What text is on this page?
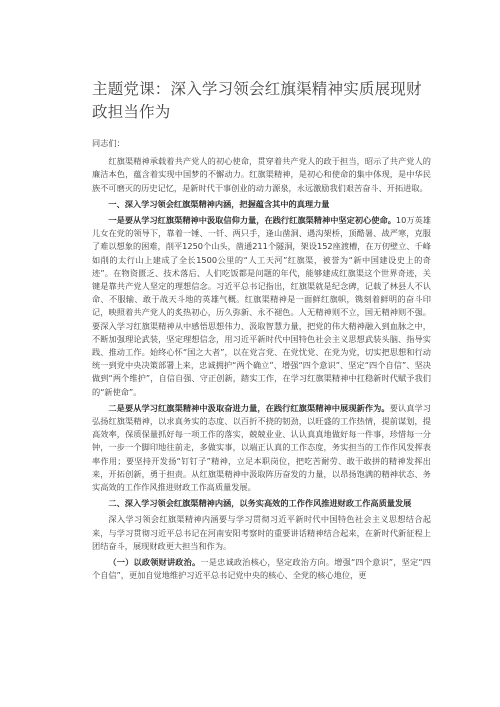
主题党课：深入学习领会红旗渠精神实质展现财政担当作为

同志们：

红旗渠精神承载着共产党人的初心使命，贯穿着共产党人的政于担当，昭示了共产党人的廉洁本色，蕴含着实现中国梦的不懈动力。红旗渠精神，是初心和使命的集中体现，是中华民族不可磨灭的历史记忆，是新时代干事创业的动力源泉，永远激励我们艰苦奋斗、开拓进取。

一、深入学习领会红旗渠精神内涵，把握蕴含其中的真理力量

一是要从学习红旗渠精神中汲取信仰力量，在践行红旗渠精神中坚定初心使命。10万英雄儿女在党的领导下，靠着一锤、一钎、两只手，逢山凿洞、遇沟架桥，顶酷暑、战严寒，克服了难以想象的困难，削平1250个山头，凿通211个隧洞，架设152座渡槽，在万仞壁立、千峰如削的太行山上建成了全长1500公里的“人工天河”红旗渠，被誉为“新中国建设史上的奇迹”。在物资匮乏、技术落后、人们吃饭都是问题的年代，能够建成红旗渠这个世界奇迹，关键是靠共产党人坚定的理想信念。习近平总书记指出，红旗渠就是纪念碑，记载了林县人不认命、不服输、敢于战天斗地的英雄气概。红旗渠精神是一面鲜红旗帜，镌刻着鲜明的奋斗印记，映照着共产党人的炙热初心，历久弥新、永不褪色。人无精神则不立，国无精神则不强。要深入学习红旗渠精神从中感悟思想伟力、汲取智慧力量，把党的伟大精神融入到血脉之中，不断加强理论武装，坚定理想信念，用习近平新时代中国特色社会主义思想武装头脑、指导实践、推动工作。始终心怀“国之大者”，以在党言党、在党忧党、在党为党，切实把思想和行动统一到党中央决策部署上来，忠诚拥护“两个确立”、增强“四个意识”、坚定“四个自信”、坚决做到“两个维护”，自信自强、守正创新，踏实工作，在学习红旗渠精神中扛稳新时代赋予我们的“新使命”。

二是要从学习红旗渠精神中汲取奋进力量，在践行红旗渠精神中展现新作为。要认真学习弘扬红旗渠精神，以求真务实的态度、以百折不挠的韧劲，以旺盛的工作热情，提前谋划，提高效率，保质保量抓好每一项工作的落实，兢兢业业、认认真真地做好每一件事，珍惜每一分钟，一步一个脚印地往前走，多做实事，以端正认真的工作态度，务实担当的工作作风发挥表率作用；要坚持开发扬“钉钉子”精神，立足本职岗位，把吃苦耐劳、敢干敢拼的精神发挥出来，开拓创新，勇于担责。从红旗渠精神中汲取阵历奋发的力量，以昂扬饱满的精神状态、务实高效的工作作风推进财政工作高质量发展。

二、深入学习领会红旗渠精神内涵，以务实高效的工作作风推进财政工作高质量发展

深入学习领会红旗渠精神内涵要与学习贯彻习近平新时代中国特色社会主义思想结合起来，与学习贯彻习近平总书记在河南安阳考察时的重要讲话精神结合起来，在新时代新征程上团结奋斗，展现财政更大担当和作为。

（一）以政领财讲政治。一是忠诚政治核心，坚定政治方向。增强“四个意识”，坚定“四个自信”，更加自觉地维护习近平总书记党中央的核心、全党的核心地位，更
